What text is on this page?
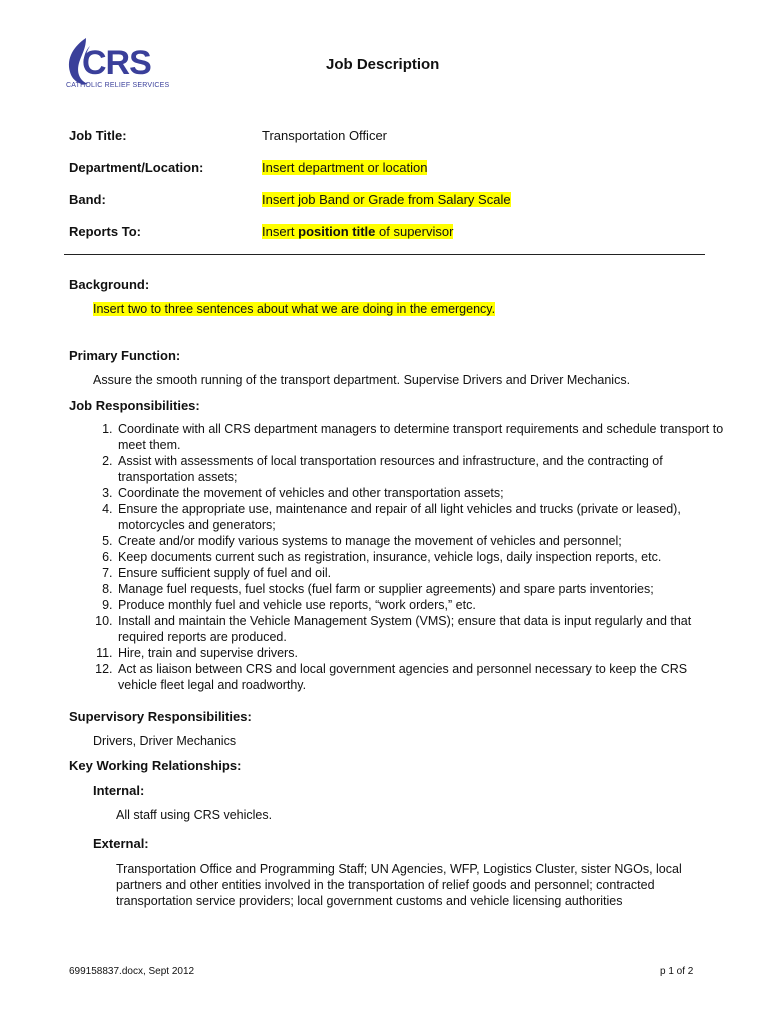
CRS
CATHOLIC RELIEF SERVICES
Job Description
Job Title:	Transportation Officer
Department/Location:	Insert department or location
Band:	Insert job Band or Grade from Salary Scale
Reports To:	Insert position title of supervisor
Background:
Insert two to three sentences about what we are doing in the emergency.
Primary Function:
Assure the smooth running of the transport department. Supervise Drivers and Driver Mechanics.
Job Responsibilities:
1. Coordinate with all CRS department managers to determine transport requirements and schedule transport to meet them.
2. Assist with assessments of local transportation resources and infrastructure, and the contracting of transportation assets;
3. Coordinate the movement of vehicles and other transportation assets;
4. Ensure the appropriate use, maintenance and repair of all light vehicles and trucks (private or leased), motorcycles and generators;
5. Create and/or modify various systems to manage the movement of vehicles and personnel;
6. Keep documents current such as registration, insurance, vehicle logs, daily inspection reports, etc.
7. Ensure sufficient supply of fuel and oil.
8. Manage fuel requests, fuel stocks (fuel farm or supplier agreements) and spare parts inventories;
9. Produce monthly fuel and vehicle use reports, “work orders,” etc.
10. Install and maintain the Vehicle Management System (VMS); ensure that data is input regularly and that required reports are produced.
11. Hire, train and supervise drivers.
12. Act as liaison between CRS and local government agencies and personnel necessary to keep the CRS vehicle fleet legal and roadworthy.
Supervisory Responsibilities:
Drivers, Driver Mechanics
Key Working Relationships:
Internal:
All staff using CRS vehicles.
External:
Transportation Office and Programming Staff; UN Agencies, WFP, Logistics Cluster, sister NGOs, local partners and other entities involved in the transportation of relief goods and personnel; contracted transportation service providers; local government customs and vehicle licensing authorities
699158837.docx, Sept 2012	p 1 of 2
